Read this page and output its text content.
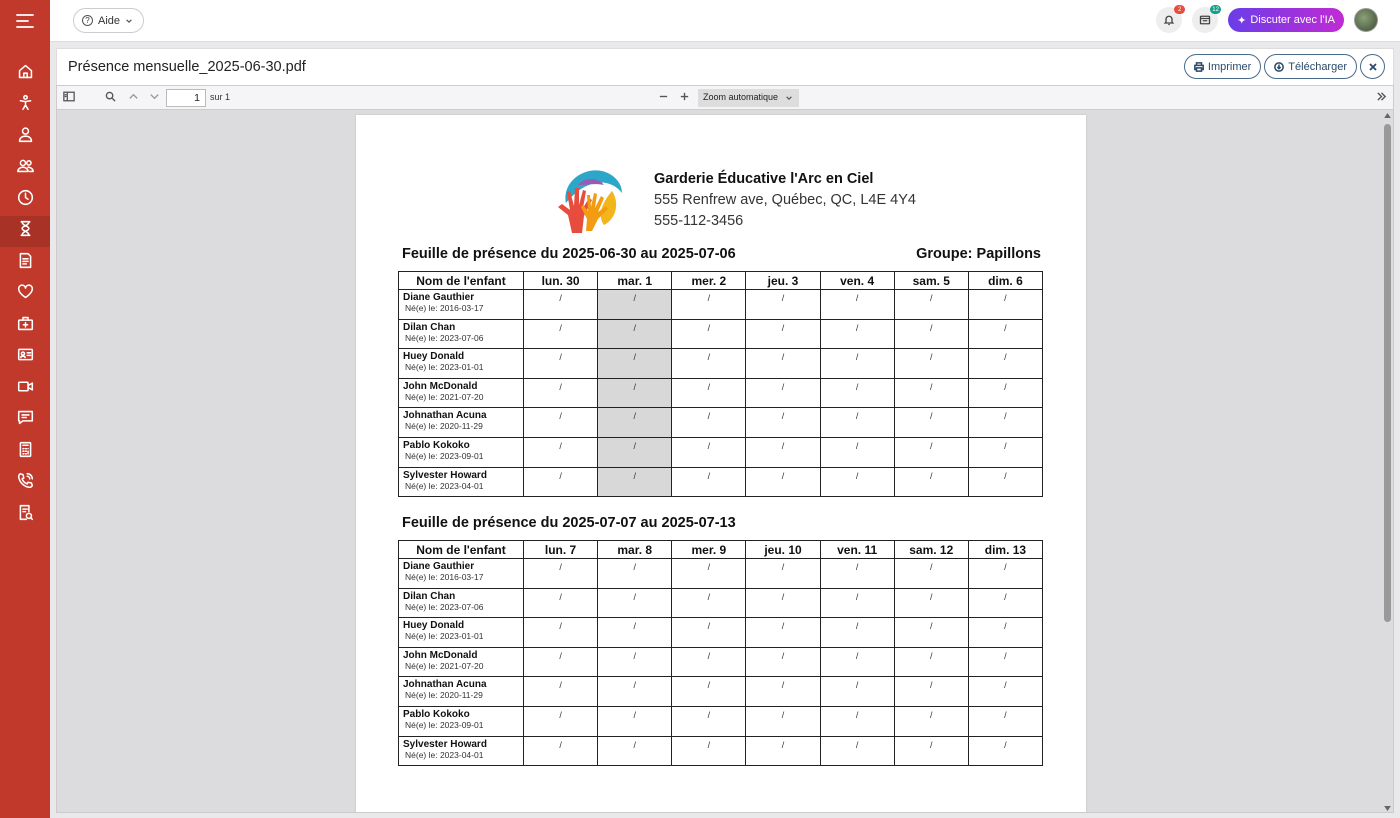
? Aide
2	12
✦ Discuter avec l'IA
Présence mensuelle_2025-06-30.pdf	Imprimer	Télécharger
1	sur 1	Zoom automatique
Garderie Éducative l'Arc en Ciel
555 Renfrew ave, Québec, QC, L4E 4Y4
555-112-3456
Feuille de présence du 2025-06-30 au 2025-07-06	Groupe: Papillons
Nom de l'enfant	lun. 30	mar. 1	mer. 2	jeu. 3	ven. 4	sam. 5	dim. 6

Diane Gauthier
Né(e) le: 2016-03-17	/	/	/	/	/	/	/

Dilan Chan
Né(e) le: 2023-07-06	/	/	/	/	/	/	/

Huey Donald
Né(e) le: 2023-01-01	/	/	/	/	/	/	/

John McDonald
Né(e) le: 2021-07-20	/	/	/	/	/	/	/

Johnathan Acuna
Né(e) le: 2020-11-29	/	/	/	/	/	/	/

Pablo Kokoko
Né(e) le: 2023-09-01	/	/	/	/	/	/	/

Sylvester Howard
Né(e) le: 2023-04-01	/	/	/	/	/	/	/
Feuille de présence du 2025-07-07 au 2025-07-13
Nom de l'enfant	lun. 7	mar. 8	mer. 9	jeu. 10	ven. 11	sam. 12	dim. 13

Diane Gauthier
Né(e) le: 2016-03-17	/	/	/	/	/	/	/

Dilan Chan
Né(e) le: 2023-07-06	/	/	/	/	/	/	/

Huey Donald
Né(e) le: 2023-01-01	/	/	/	/	/	/	/

John McDonald
Né(e) le: 2021-07-20	/	/	/	/	/	/	/

Johnathan Acuna
Né(e) le: 2020-11-29	/	/	/	/	/	/	/

Pablo Kokoko
Né(e) le: 2023-09-01	/	/	/	/	/	/	/

Sylvester Howard
Né(e) le: 2023-04-01	/	/	/	/	/	/	/
